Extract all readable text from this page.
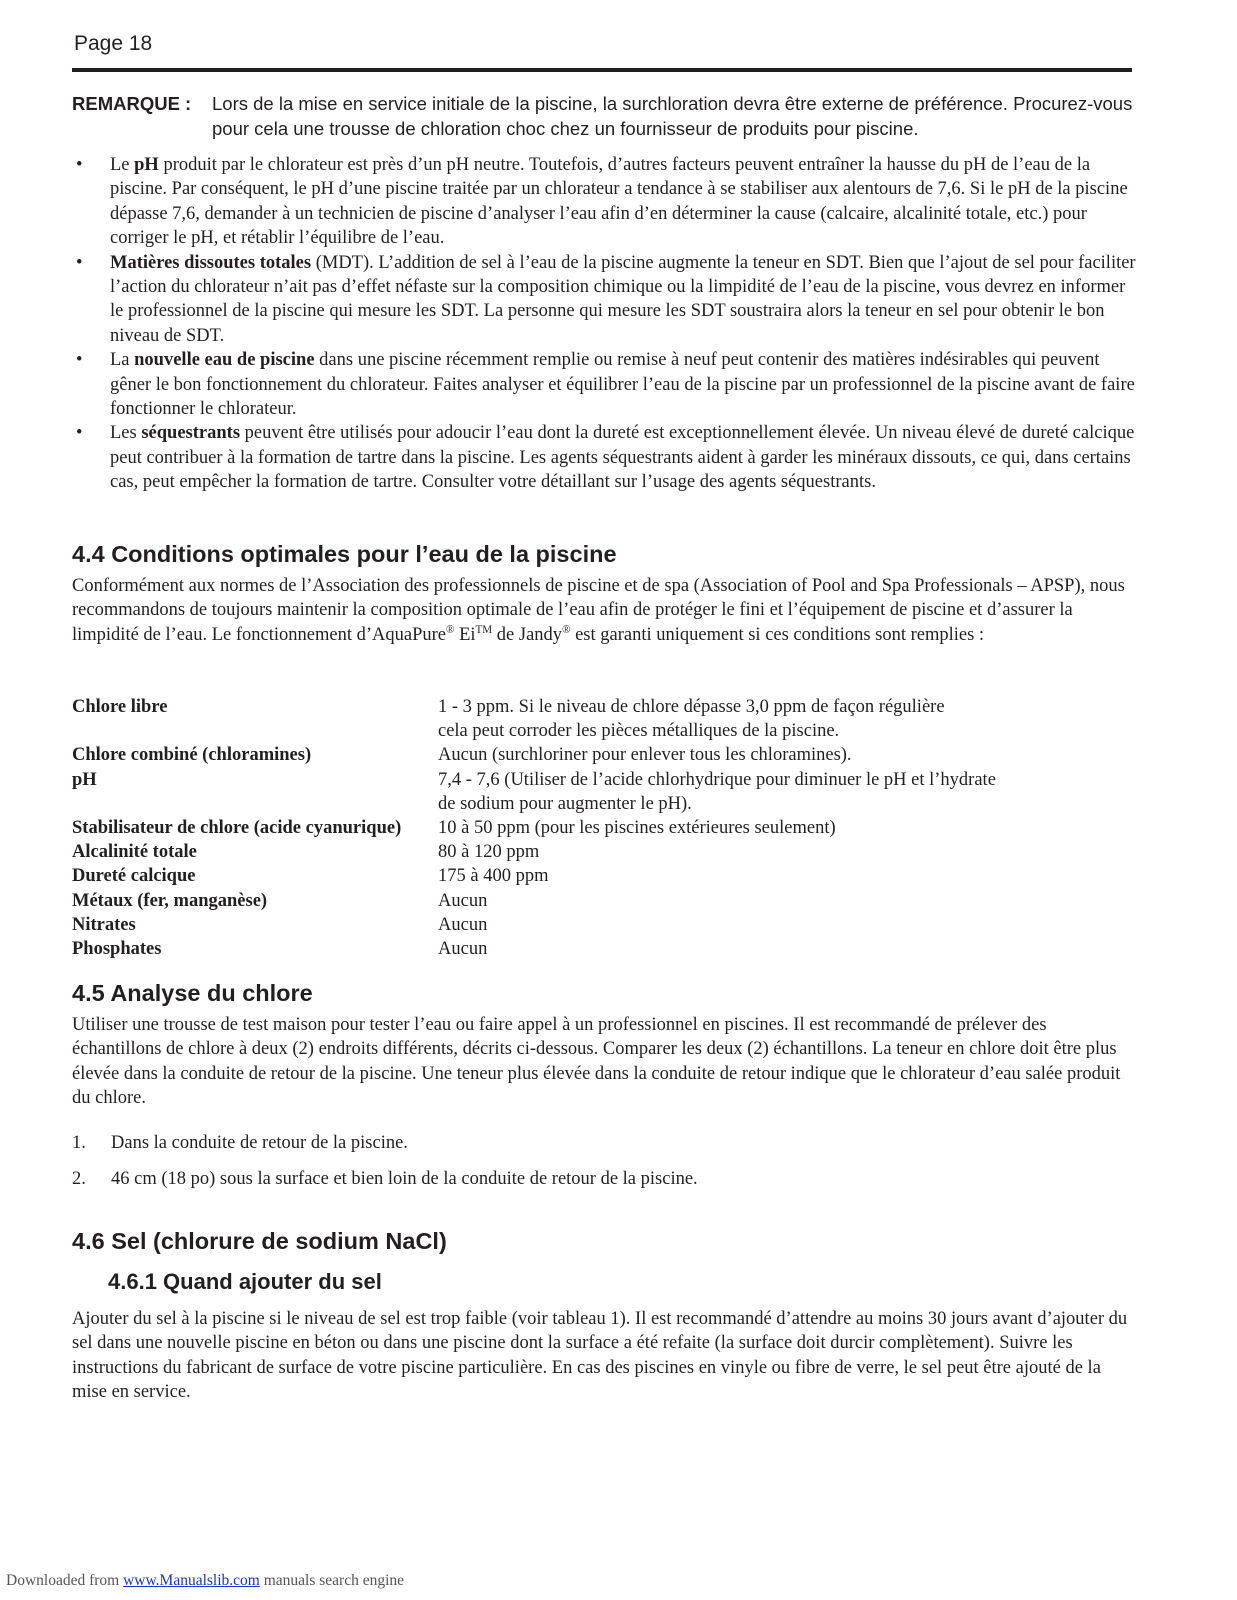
Page 18
REMARQUE : Lors de la mise en service initiale de la piscine, la surchloration devra être externe de préférence. Procurez-vous pour cela une trousse de chloration choc chez un fournisseur de produits pour piscine.
• Le pH produit par le chlorateur est près d’un pH neutre. Toutefois, d’autres facteurs peuvent entraîner la hausse du pH de l’eau de la piscine. Par conséquent, le pH d’une piscine traitée par un chlorateur a tendance à se stabiliser aux alentours de 7,6. Si le pH de la piscine dépasse 7,6, demander à un technicien de piscine d’analyser l’eau afin d’en déterminer la cause (calcaire, alcalinité totale, etc.) pour corriger le pH, et rétablir l’équilibre de l’eau.
• Matières dissoutes totales (MDT). L’addition de sel à l’eau de la piscine augmente la teneur en SDT. Bien que l’ajout de sel pour faciliter l’action du chlorateur n’ait pas d’effet néfaste sur la composition chimique ou la limpidité de l’eau de la piscine, vous devrez en informer le professionnel de la piscine qui mesure les SDT. La personne qui mesure les SDT soustraira alors la teneur en sel pour obtenir le bon niveau de SDT.
• La nouvelle eau de piscine dans une piscine récemment remplie ou remise à neuf peut contenir des matières indésirables qui peuvent gêner le bon fonctionnement du chlorateur. Faites analyser et équilibrer l’eau de la piscine par un professionnel de la piscine avant de faire fonctionner le chlorateur.
• Les séquestrants peuvent être utilisés pour adoucir l’eau dont la dureté est exceptionnellement élevée. Un niveau élevé de dureté calcique peut contribuer à la formation de tartre dans la piscine. Les agents séquestrants aident à garder les minéraux dissouts, ce qui, dans certains cas, peut empêcher la formation de tartre. Consulter votre détaillant sur l’usage des agents séquestrants.
4.4 Conditions optimales pour l’eau de la piscine
Conformément aux normes de l’Association des professionnels de piscine et de spa (Association of Pool and Spa Professionals – APSP), nous recommandons de toujours maintenir la composition optimale de l’eau afin de protéger le fini et l’équipement de piscine et d’assurer la limpidité de l’eau. Le fonctionnement d’AquaPure® Ei™ de Jandy® est garanti uniquement si ces conditions sont remplies :
Chlore libre	1 - 3 ppm. Si le niveau de chlore dépasse 3,0 ppm de façon régulière
cela peut corroder les pièces métalliques de la piscine.

Chlore combiné (chloramines)	Aucun (surchloriner pour enlever tous les chloramines).

pH	7,4 - 7,6 (Utiliser de l’acide chlorhydrique pour diminuer le pH et l’hydrate
de sodium pour augmenter le pH).

Stabilisateur de chlore (acide cyanurique)	10 à 50 ppm (pour les piscines extérieures seulement)

Alcalinité totale	80 à 120 ppm

Dureté calcique	175 à 400 ppm

Métaux (fer, manganèse)	Aucun

Nitrates	Aucun

Phosphates	Aucun
4.5 Analyse du chlore
Utiliser une trousse de test maison pour tester l’eau ou faire appel à un professionnel en piscines. Il est recommandé de prélever des échantillons de chlore à deux (2) endroits différents, décrits ci-dessous. Comparer les deux (2) échantillons. La teneur en chlore doit être plus élevée dans la conduite de retour de la piscine. Une teneur plus élevée dans la conduite de retour indique que le chlorateur d’eau salée produit du chlore.
1. Dans la conduite de retour de la piscine.
2. 46 cm (18 po) sous la surface et bien loin de la conduite de retour de la piscine.
4.6 Sel (chlorure de sodium NaCl)
4.6.1 Quand ajouter du sel
Ajouter du sel à la piscine si le niveau de sel est trop faible (voir tableau 1). Il est recommandé d’attendre au moins 30 jours avant d’ajouter du sel dans une nouvelle piscine en béton ou dans une piscine dont la surface a été refaite (la surface doit durcir complètement). Suivre les instructions du fabricant de surface de votre piscine particulière. En cas des piscines en vinyle ou fibre de verre, le sel peut être ajouté de la mise en service.
Downloaded from www.Manualslib.com manuals search engine
